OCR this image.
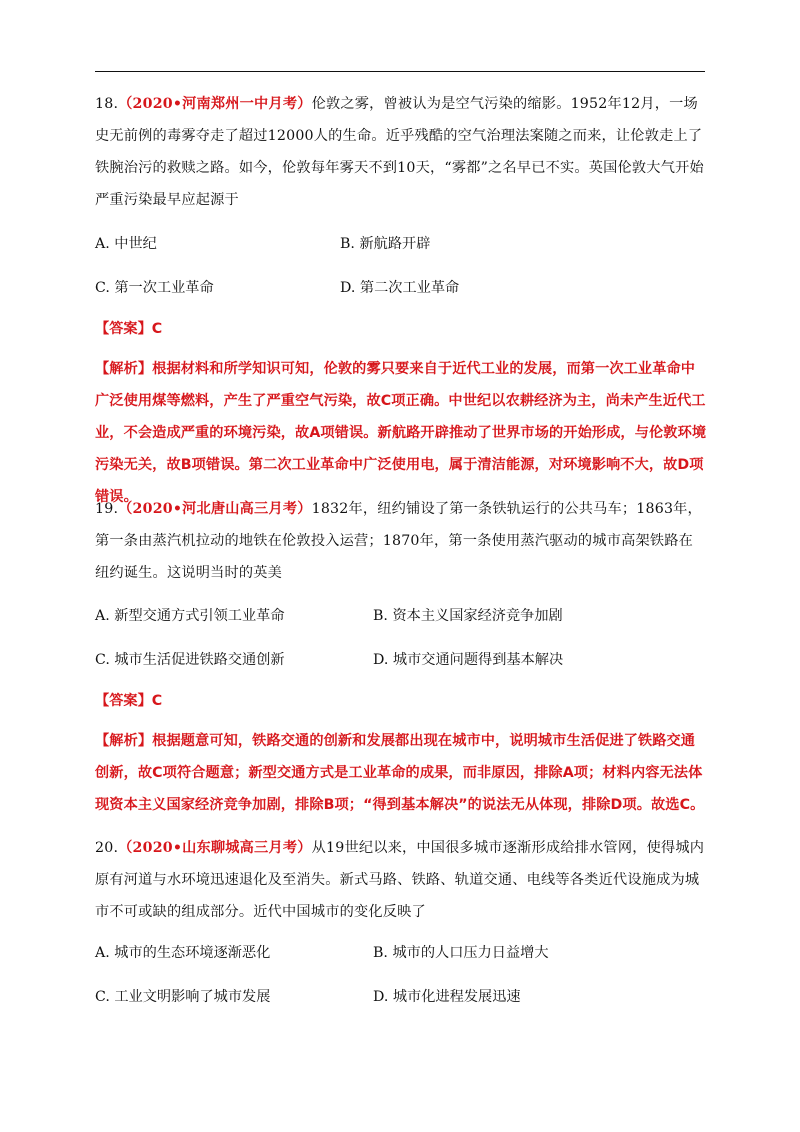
18.（2020•河南郑州一中月考）伦敦之雾，曾被认为是空气污染的缩影。1952年12月，一场史无前例的毒雾夺走了超过12000人的生命。近乎残酷的空气治理法案随之而来，让伦敦走上了铁腕治污的救赎之路。如今，伦敦每年雾天不到10天，“雾都”之名早已不实。英国伦敦大气开始严重污染最早应起源于
A. 中世纪	B. 新航路开辟
C. 第一次工业革命	D. 第二次工业革命
【答案】C
【解析】根据材料和所学知识可知，伦敦的雾只要来自于近代工业的发展，而第一次工业革命中广泛使用煤等燃料，产生了严重空气污染，故C项正确。中世纪以农耕经济为主，尚未产生近代工业，不会造成严重的环境污染，故A项错误。新航路开辟推动了世界市场的开始形成，与伦敦环境污染无关，故B项错误。第二次工业革命中广泛使用电，属于清洁能源，对环境影响不大，故D项错误。
19.（2020•河北唐山高三月考）1832年，纽约铺设了第一条铁轨运行的公共马车；1863年，第一条由蒸汽机拉动的地铁在伦敦投入运营；1870年，第一条使用蒸汽驱动的城市高架铁路在纽约诞生。这说明当时的英美
A. 新型交通方式引领工业革命	B. 资本主义国家经济竞争加剧
C. 城市生活促进铁路交通创新	D. 城市交通问题得到基本解决
【答案】C
【解析】根据题意可知，铁路交通的创新和发展都出现在城市中，说明城市生活促进了铁路交通创新，故C项符合题意；新型交通方式是工业革命的成果，而非原因，排除A项；材料内容无法体现资本主义国家经济竞争加剧，排除B项；“得到基本解决”的说法无从体现，排除D项。故选C。
20.（2020•山东聊城高三月考）从19世纪以来，中国很多城市逐渐形成给排水管网，使得城内原有河道与水环境迅速退化及至消失。新式马路、铁路、轨道交通、电线等各类近代设施成为城市不可或缺的组成部分。近代中国城市的变化反映了
A. 城市的生态环境逐渐恶化	B. 城市的人口压力日益增大
C. 工业文明影响了城市发展	D. 城市化进程发展迅速
